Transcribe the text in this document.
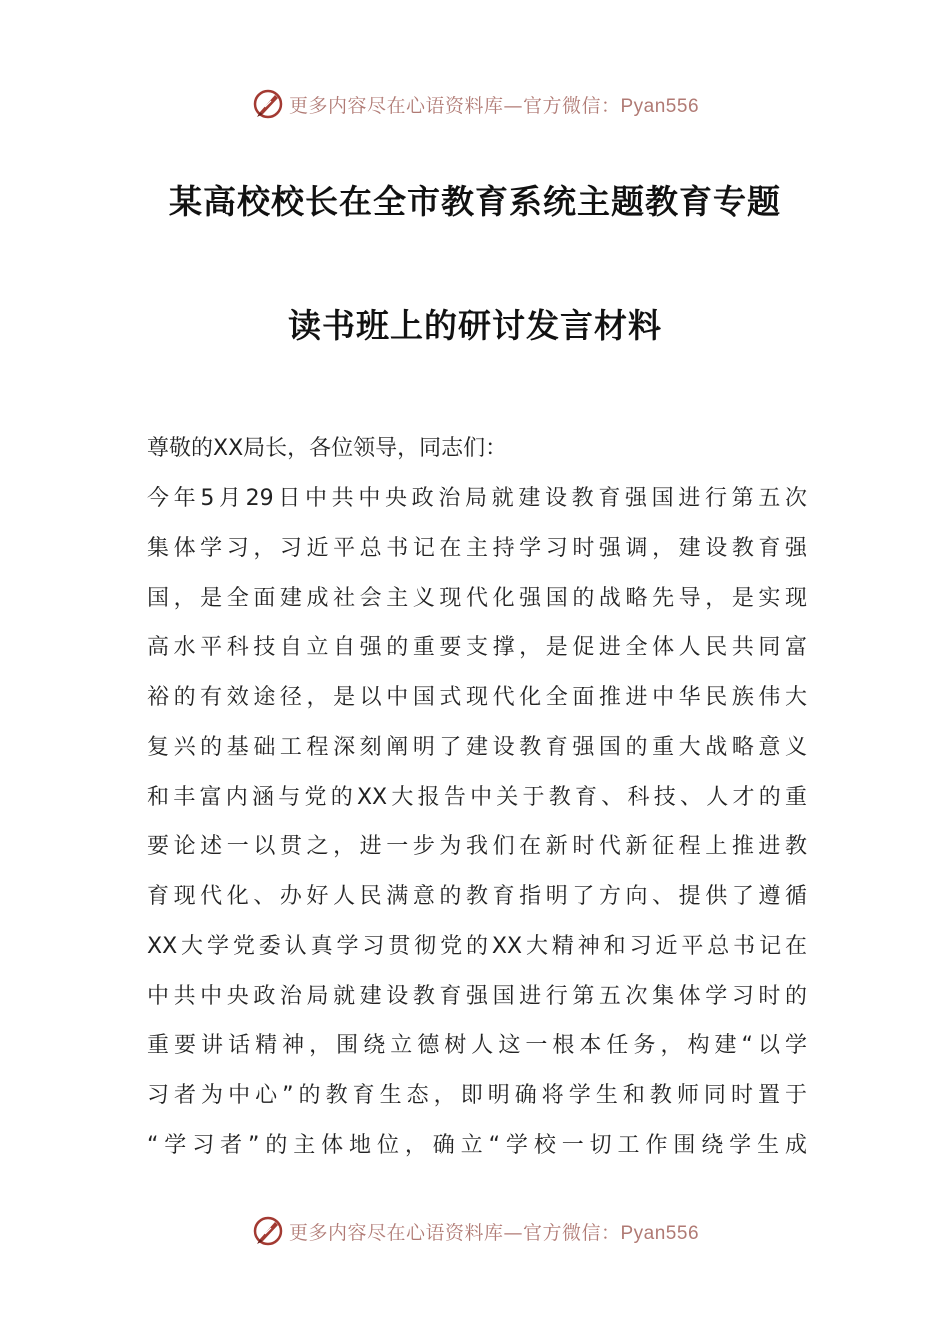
更多内容尽在心语资料库—官方微信：Pyan556
某高校校长在全市教育系统主题教育专题
读书班上的研讨发言材料
尊敬的XX局长，各位领导，同志们：
今年5月29日中共中央政治局就建设教育强国进行第五次
集体学习，习近平总书记在主持学习时强调，建设教育强
国，是全面建成社会主义现代化强国的战略先导，是实现
高水平科技自立自强的重要支撑，是促进全体人民共同富
裕的有效途径，是以中国式现代化全面推进中华民族伟大
复兴的基础工程深刻阐明了建设教育强国的重大战略意义
和丰富内涵与党的XX大报告中关于教育、科技、人才的重
要论述一以贯之，进一步为我们在新时代新征程上推进教
育现代化、办好人民满意的教育指明了方向、提供了遵循
XX大学党委认真学习贯彻党的XX大精神和习近平总书记在
中共中央政治局就建设教育强国进行第五次集体学习时的
重要讲话精神，围绕立德树人这一根本任务，构建“以学
习者为中心”的教育生态，即明确将学生和教师同时置于
“学习者”的主体地位，确立“学校一切工作围绕学生成
更多内容尽在心语资料库—官方微信：Pyan556
